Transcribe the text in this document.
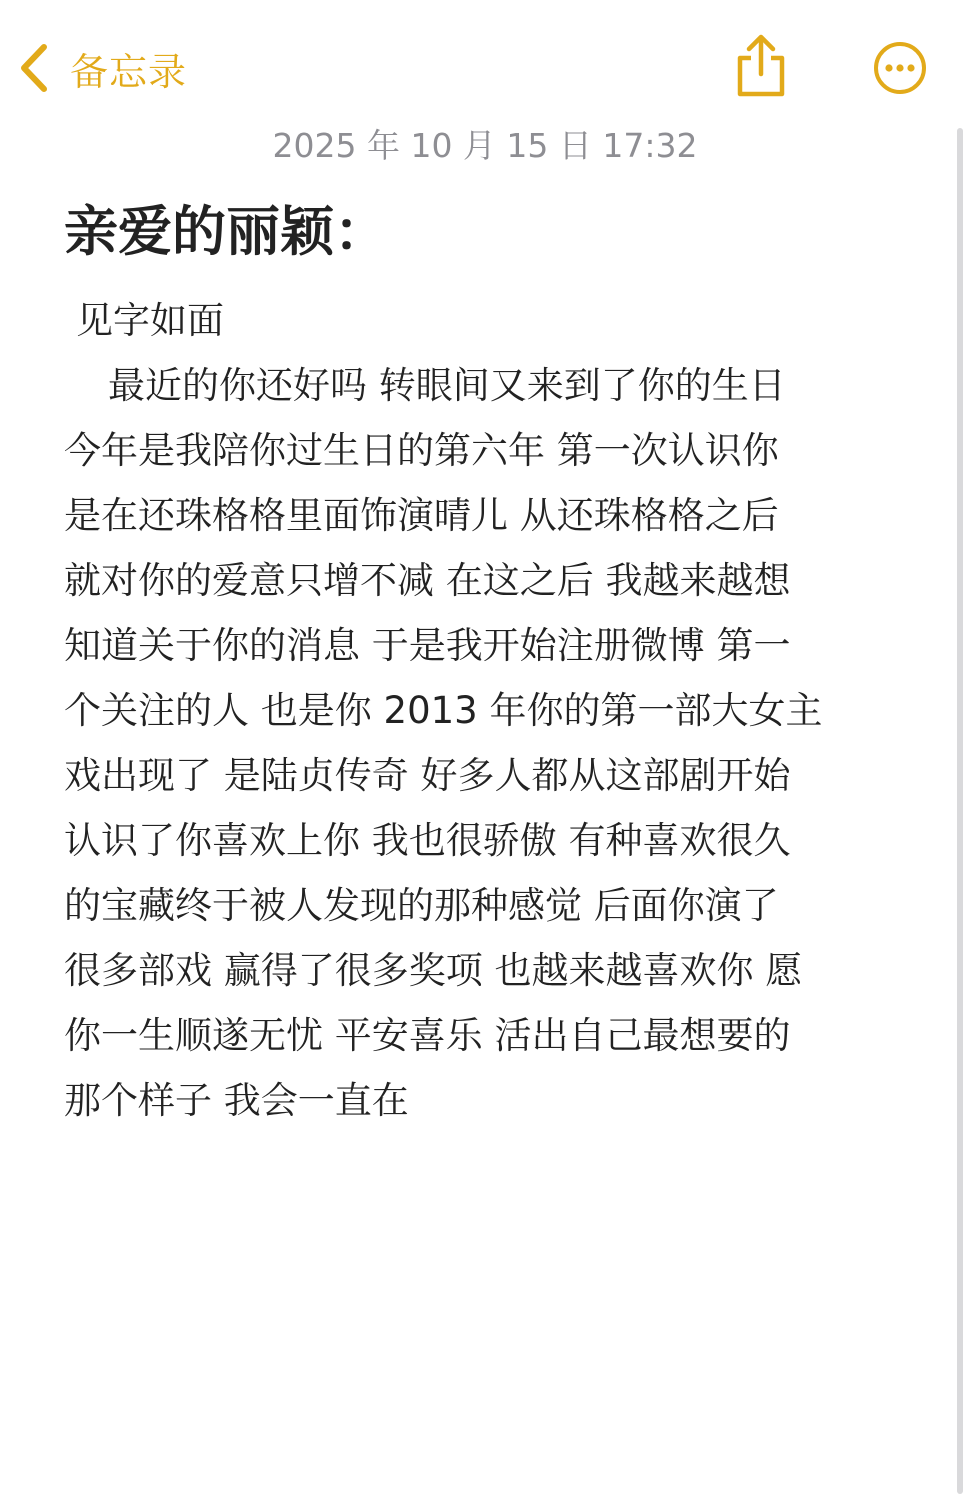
备忘录
2025 年 10 月 15 日 17:32
亲爱的丽颖：
见字如面
最近的你还好吗 转眼间又来到了你的生日
今年是我陪你过生日的第六年 第一次认识你
是在还珠格格里面饰演晴儿 从还珠格格之后
就对你的爱意只增不减 在这之后 我越来越想
知道关于你的消息 于是我开始注册微博 第一
个关注的人 也是你 2013 年你的第一部大女主
戏出现了 是陆贞传奇 好多人都从这部剧开始
认识了你喜欢上你 我也很骄傲 有种喜欢很久
的宝藏终于被人发现的那种感觉 后面你演了
很多部戏 赢得了很多奖项 也越来越喜欢你 愿
你一生顺遂无忧 平安喜乐 活出自己最想要的
那个样子 我会一直在
